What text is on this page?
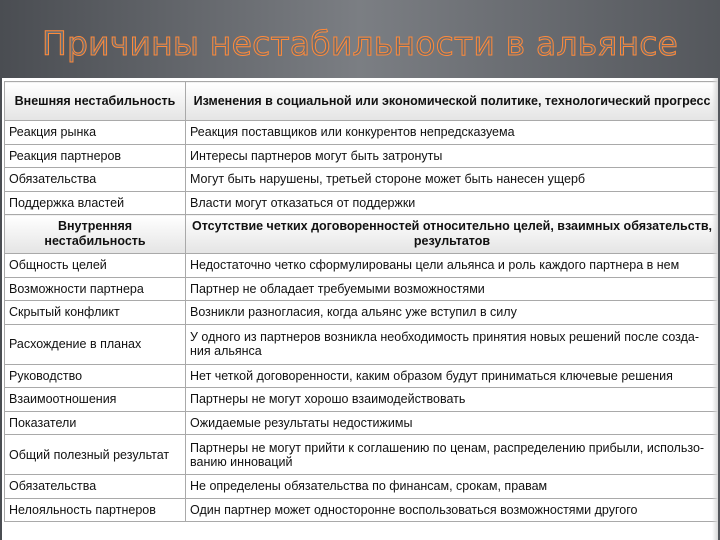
Причины нестабильности в альянсе
Внешняя нестабильность	Изменения в социальной или экономической политике, технологический прогресс
Реакция рынка	Реакция поставщиков или конкурентов непредсказуема
Реакция партнеров	Интересы партнеров могут быть затронуты
Обязательства	Могут быть нарушены, третьей стороне может быть нанесен ущерб
Поддержка властей	Власти могут отказаться от поддержки
Внутренняя нестабильность	Отсутствие четких договоренностей относительно целей, взаимных обязательств, результатов
Общность целей	Недостаточно четко сформулированы цели альянса и роль каждого партнера в нем
Возможности партнера	Партнер не обладает требуемыми возможностями
Скрытый конфликт	Возникли разногласия, когда альянс уже вступил в силу
Расхождение в планах	У одного из партнеров возникла необходимость принятия новых решений после созда-ния альянса
Руководство	Нет четкой договоренности, каким образом будут приниматься ключевые решения
Взаимоотношения	Партнеры не могут хорошо взаимодействовать
Показатели	Ожидаемые результаты недостижимы
Общий полезный результат	Партнеры не могут прийти к соглашению по ценам, распределению прибыли, использо-ванию инноваций
Обязательства	Не определены обязательства по финансам, срокам, правам
Нелояльность партнеров	Один партнер может односторонне воспользоваться возможностями другого
